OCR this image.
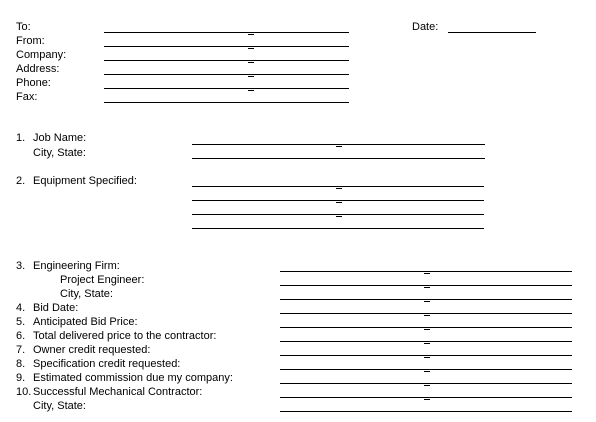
To:
From:
Company:
Address:
Phone:
Fax:
Date:
1. Job Name:
City, State:
2. Equipment Specified:
3. Engineering Firm:
Project Engineer:
City, State:
4. Bid Date:
5. Anticipated Bid Price:
6. Total delivered price to the contractor:
7. Owner credit requested:
8. Specification credit requested:
9. Estimated commission due my company:
10. Successful Mechanical Contractor:
City, State:
